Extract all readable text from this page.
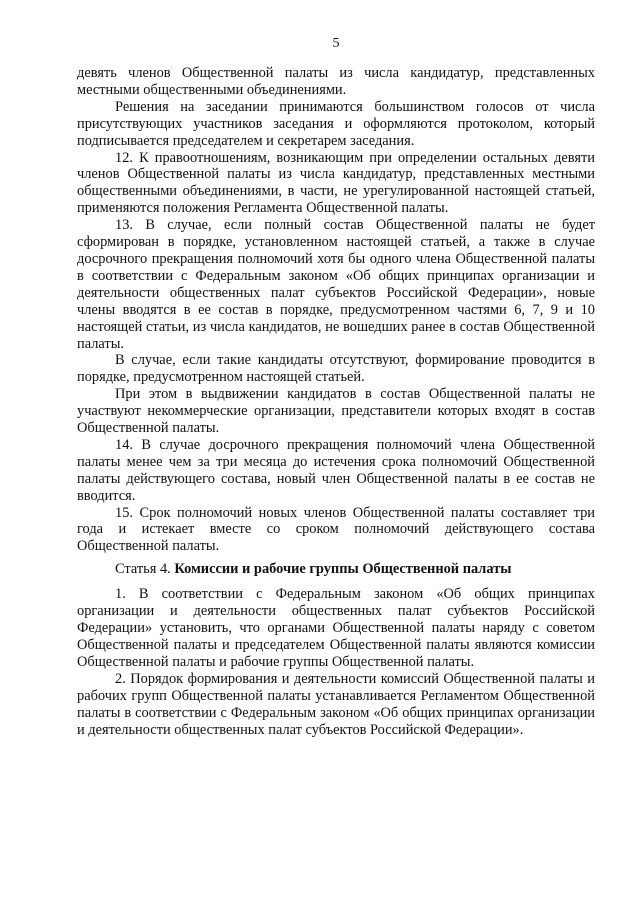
5

девять членов Общественной палаты из числа кандидатур, представленных местными общественными объединениями.

Решения на заседании принимаются большинством голосов от числа присутствующих участников заседания и оформляются протоколом, который подписывается председателем и секретарем заседания.

12. К правоотношениям, возникающим при определении остальных девяти членов Общественной палаты из числа кандидатур, представленных местными общественными объединениями, в части, не урегулированной настоящей статьей, применяются положения Регламента Общественной палаты.

13. В случае, если полный состав Общественной палаты не будет сформирован в порядке, установленном настоящей статьей, а также в случае досрочного прекращения полномочий хотя бы одного члена Общественной палаты в соответствии с Федеральным законом «Об общих принципах организации и деятельности общественных палат субъектов Российской Федерации», новые члены вводятся в ее состав в порядке, предусмотренном частями 6, 7, 9 и 10 настоящей статьи, из числа кандидатов, не вошедших ранее в состав Общественной палаты.

В случае, если такие кандидаты отсутствуют, формирование проводится в порядке, предусмотренном настоящей статьей.

При этом в выдвижении кандидатов в состав Общественной палаты не участвуют некоммерческие организации, представители которых входят в состав Общественной палаты.

14. В случае досрочного прекращения полномочий члена Общественной палаты менее чем за три месяца до истечения срока полномочий Общественной палаты действующего состава, новый член Общественной палаты в ее состав не вводится.

15. Срок полномочий новых членов Общественной палаты составляет три года и истекает вместе со сроком полномочий действующего состава Общественной палаты.

Статья 4. Комиссии и рабочие группы Общественной палаты

1. В соответствии с Федеральным законом «Об общих принципах организации и деятельности общественных палат субъектов Российской Федерации» установить, что органами Общественной палаты наряду с советом Общественной палаты и председателем Общественной палаты являются комиссии Общественной палаты и рабочие группы Общественной палаты.

2. Порядок формирования и деятельности комиссий Общественной палаты и рабочих групп Общественной палаты устанавливается Регламентом Общественной палаты в соответствии с Федеральным законом «Об общих принципах организации и деятельности общественных палат субъектов Российской Федерации».
